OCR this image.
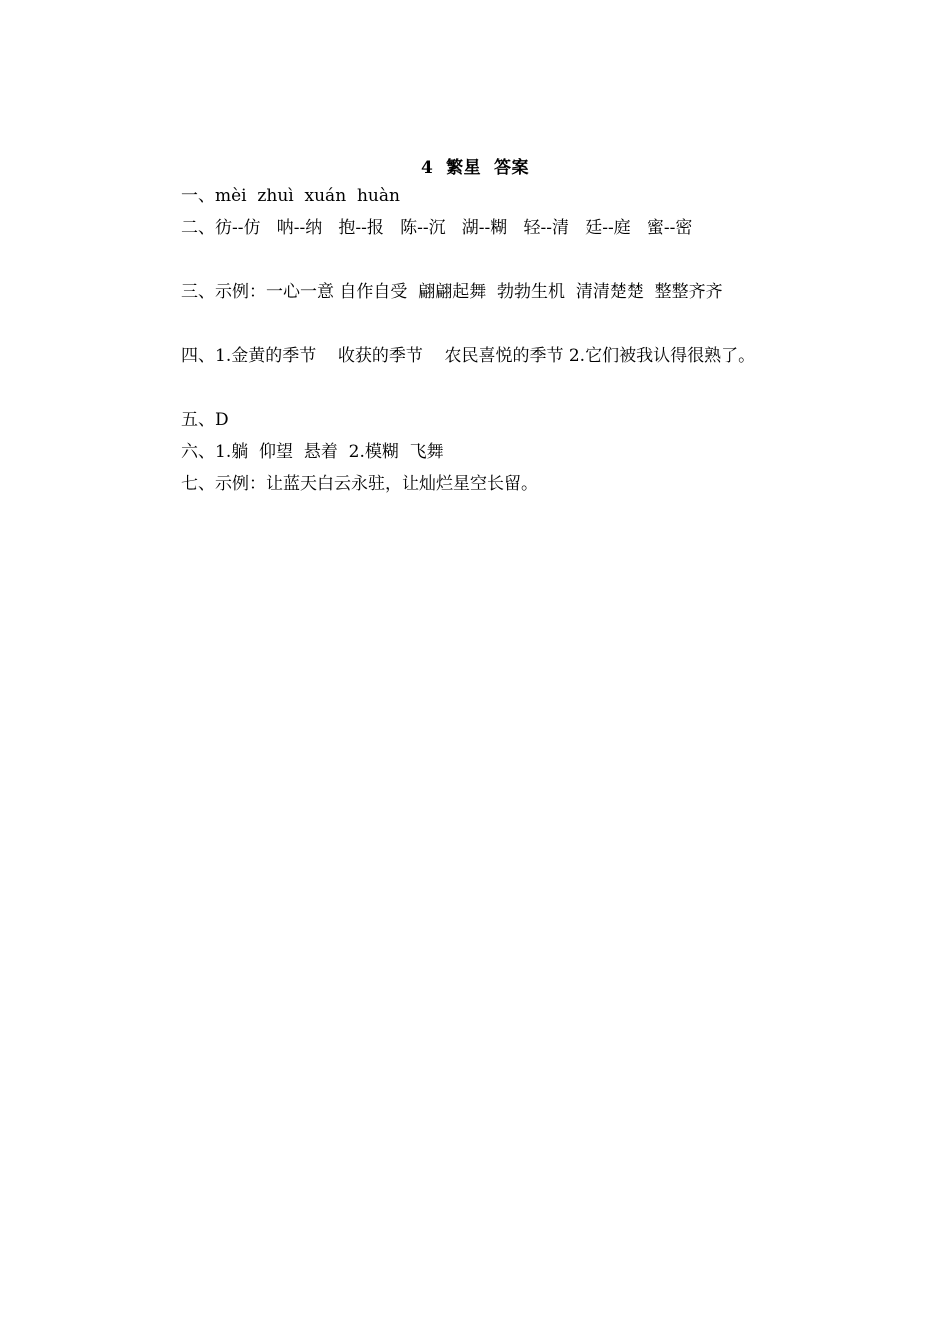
4  繁星  答案
一、mèi  zhuì  xuán  huàn
二、彷--仿   呐--纳   抱--报   陈--沉   湖--糊   轻--清   廷--庭   蜜--密
三、示例：一心一意 自作自受  翩翩起舞  勃勃生机  清清楚楚  整整齐齐
四、1.金黄的季节    收获的季节    农民喜悦的季节 2.它们被我认得很熟了。
五、D
六、1.躺  仰望  悬着  2.模糊  飞舞
七、示例：让蓝天白云永驻，让灿烂星空长留。
